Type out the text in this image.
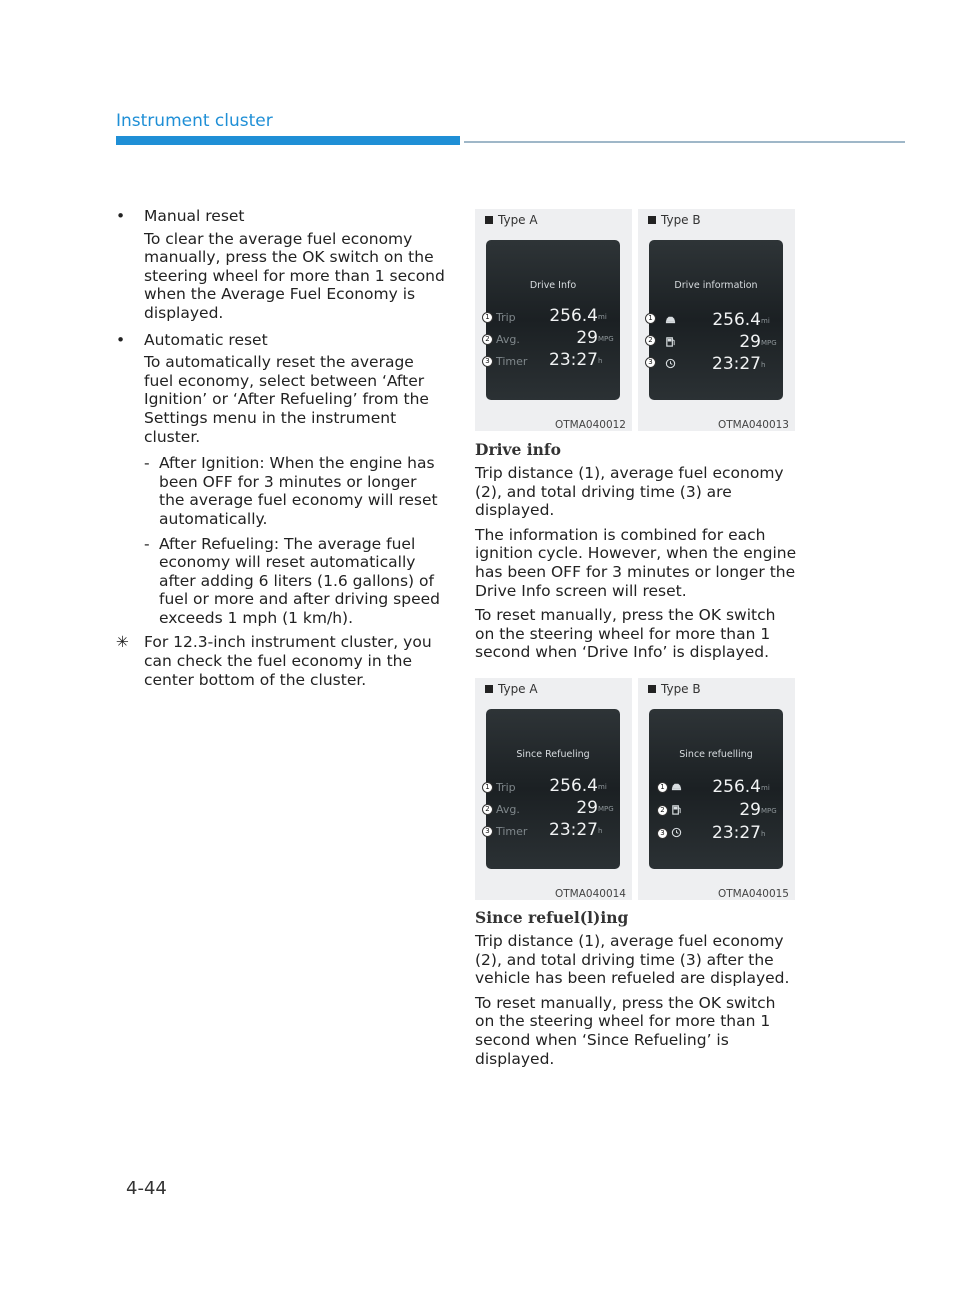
Instrument cluster
•	Manual reset
To clear the average fuel economy manually, press the OK switch on the steering wheel for more than 1 second when the Average Fuel Economy is displayed.
•	Automatic reset
To automatically reset the average fuel economy, select between ‘After Ignition’ or ‘After Refueling’ from the Settings menu in the instrument cluster.
- After Ignition: When the engine has been OFF for 3 minutes or longer the average fuel economy will reset automatically.
- After Refueling: The average fuel economy will reset automatically after adding 6 liters (1.6 gallons) of fuel or more and after driving speed exceeds 1 mph (1 km/h).
✳ For 12.3-inch instrument cluster, you can check the fuel economy in the center bottom of the cluster.
Type A
Drive Info
1 Trip 256.4 mi
2 Avg.	29 MPG
3 Timer 23:27 h
OTMA040012
Type B
Drive information
1	256.4 mi
2	29 MPG
3	23:27 h
OTMA040013
Drive info

Trip distance (1), average fuel economy (2), and total driving time (3) are displayed.

The information is combined for each ignition cycle. However, when the engine has been OFF for 3 minutes or longer the Drive Info screen will reset.

To reset manually, press the OK switch on the steering wheel for more than 1 second when ‘Drive Info’ is displayed.

Type A
Since Refueling
1 Trip 256.4 mi
2 Avg.	29 MPG
3 Timer 23:27 h
OTMA040014
Type B
Since refuelling
1	256.4 mi
2	29 MPG
3	23:27 h
OTMA040015
Since refuel(l)ing

Trip distance (1), average fuel economy (2), and total driving time (3) after the vehicle has been refueled are displayed.

To reset manually, press the OK switch on the steering wheel for more than 1 second when ‘Since Refueling’ is displayed.

4-44
